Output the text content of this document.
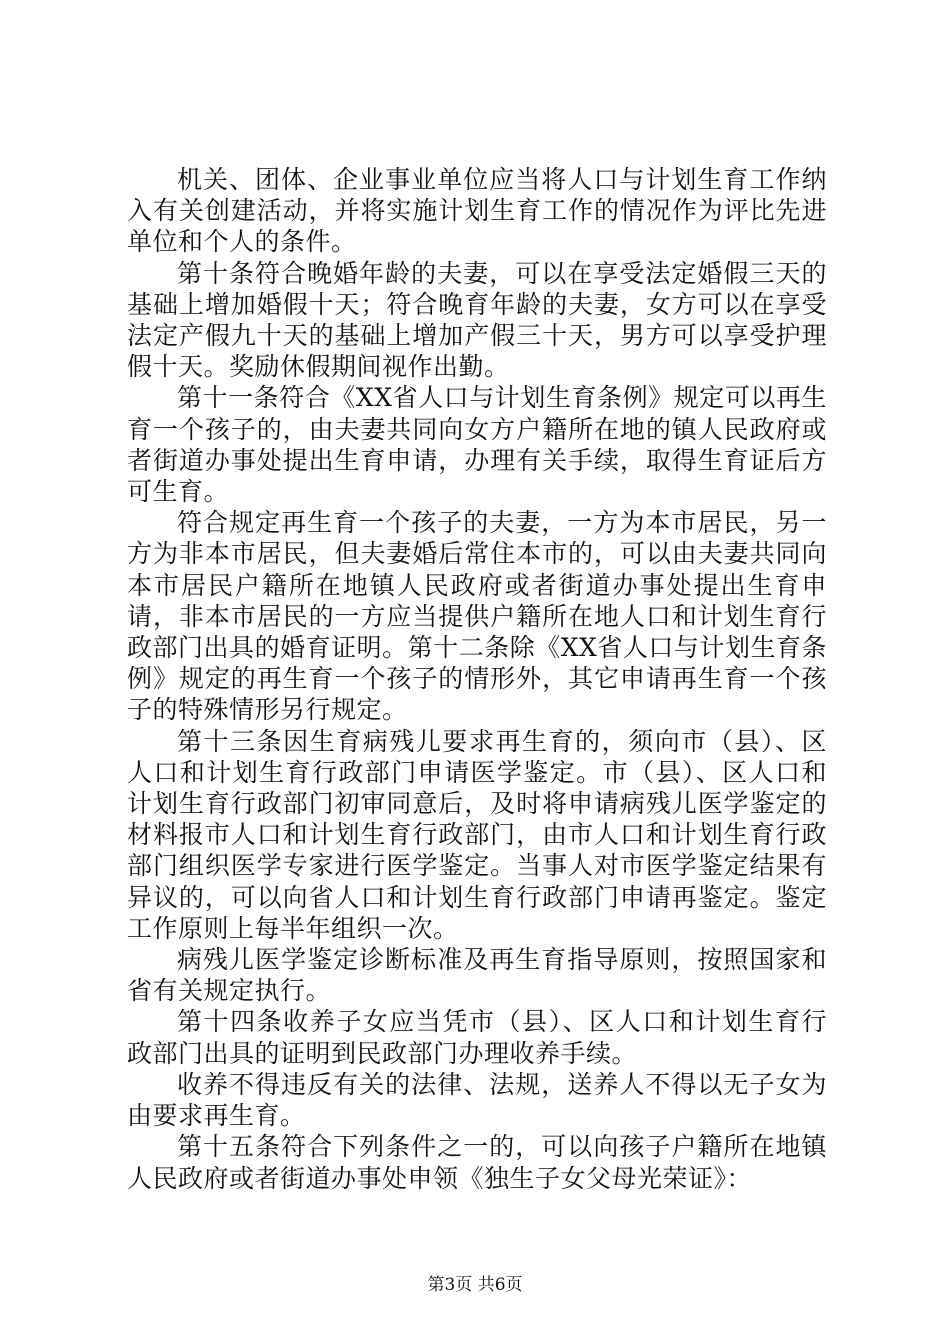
机关、团体、企业事业单位应当将人口与计划生育工作纳入有关创建活动，并将实施计划生育工作的情况作为评比先进单位和个人的条件。

第十条符合晚婚年龄的夫妻，可以在享受法定婚假三天的基础上增加婚假十天；符合晚育年龄的夫妻，女方可以在享受法定产假九十天的基础上增加产假三十天，男方可以享受护理假十天。奖励休假期间视作出勤。

第十一条符合《XX省人口与计划生育条例》规定可以再生育一个孩子的，由夫妻共同向女方户籍所在地的镇人民政府或者街道办事处提出生育申请，办理有关手续，取得生育证后方可生育。

符合规定再生育一个孩子的夫妻，一方为本市居民，另一方为非本市居民，但夫妻婚后常住本市的，可以由夫妻共同向本市居民户籍所在地镇人民政府或者街道办事处提出生育申请，非本市居民的一方应当提供户籍所在地人口和计划生育行政部门出具的婚育证明。第十二条除《XX省人口与计划生育条例》规定的再生育一个孩子的情形外，其它申请再生育一个孩子的特殊情形另行规定。

第十三条因生育病残儿要求再生育的，须向市（县）、区人口和计划生育行政部门申请医学鉴定。市（县）、区人口和计划生育行政部门初审同意后，及时将申请病残儿医学鉴定的材料报市人口和计划生育行政部门，由市人口和计划生育行政部门组织医学专家进行医学鉴定。当事人对市医学鉴定结果有异议的，可以向省人口和计划生育行政部门申请再鉴定。鉴定工作原则上每半年组织一次。

病残儿医学鉴定诊断标准及再生育指导原则，按照国家和省有关规定执行。

第十四条收养子女应当凭市（县）、区人口和计划生育行政部门出具的证明到民政部门办理收养手续。

收养不得违反有关的法律、法规，送养人不得以无子女为由要求再生育。

第十五条符合下列条件之一的，可以向孩子户籍所在地镇人民政府或者街道办事处申领《独生子女父母光荣证》：

第3页 共6页
